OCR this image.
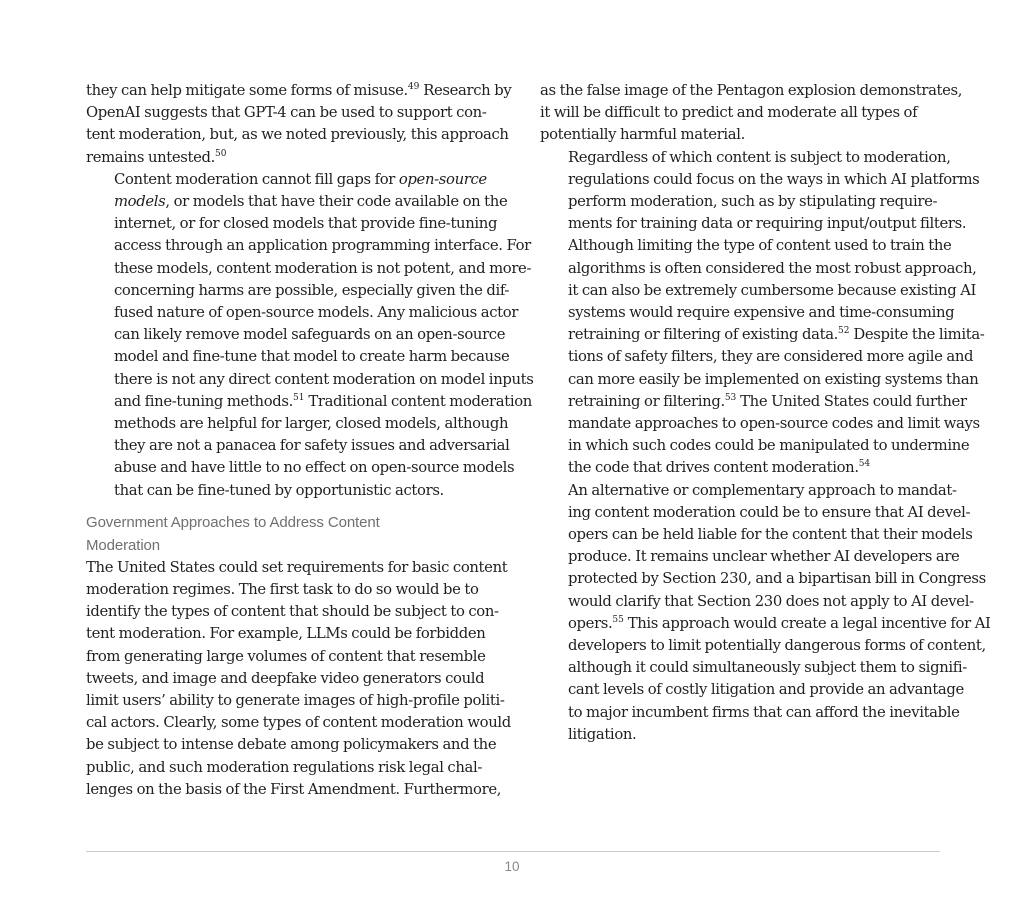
they can help mitigate some forms of misuse.$^{49}$ Research by
OpenAI suggests that GPT-4 can be used to support con-
tent moderation, but, as we noted previously, this approach
remains untested.$^{50}$

Content moderation cannot fill gaps for open-source
models, or models that have their code available on the
internet, or for closed models that provide fine-tuning
access through an application programming interface. For
these models, content moderation is not potent, and more-
concerning harms are possible, especially given the dif-
fused nature of open-source models. Any malicious actor
can likely remove model safeguards on an open-source
model and fine-tune that model to create harm because
there is not any direct content moderation on model inputs
and fine-tuning methods.$^{51}$ Traditional content moderation
methods are helpful for larger, closed models, although
they are not a panacea for safety issues and adversarial
abuse and have little to no effect on open-source models
that can be fine-tuned by opportunistic actors.

Government Approaches to Address Content
Moderation

The United States could set requirements for basic content
moderation regimes. The first task to do so would be to
identify the types of content that should be subject to con-
tent moderation. For example, LLMs could be forbidden
from generating large volumes of content that resemble
tweets, and image and deepfake video generators could
limit users’ ability to generate images of high-profile politi-
cal actors. Clearly, some types of content moderation would
be subject to intense debate among policymakers and the
public, and such moderation regulations risk legal chal-
lenges on the basis of the First Amendment. Furthermore,

as the false image of the Pentagon explosion demonstrates,
it will be difficult to predict and moderate all types of
potentially harmful material.

Regardless of which content is subject to moderation,
regulations could focus on the ways in which AI platforms
perform moderation, such as by stipulating require-
ments for training data or requiring input/output filters.
Although limiting the type of content used to train the
algorithms is often considered the most robust approach,
it can also be extremely cumbersome because existing AI
systems would require expensive and time-consuming
retraining or filtering of existing data.$^{52}$ Despite the limita-
tions of safety filters, they are considered more agile and
can more easily be implemented on existing systems than
retraining or filtering.$^{53}$ The United States could further
mandate approaches to open-source codes and limit ways
in which such codes could be manipulated to undermine
the code that drives content moderation.$^{54}$

An alternative or complementary approach to mandat-
ing content moderation could be to ensure that AI devel-
opers can be held liable for the content that their models
produce. It remains unclear whether AI developers are
protected by Section 230, and a bipartisan bill in Congress
would clarify that Section 230 does not apply to AI devel-
opers.$^{55}$ This approach would create a legal incentive for AI
developers to limit potentially dangerous forms of content,
although it could simultaneously subject them to signifi-
cant levels of costly litigation and provide an advantage
to major incumbent firms that can afford the inevitable
litigation.

10
